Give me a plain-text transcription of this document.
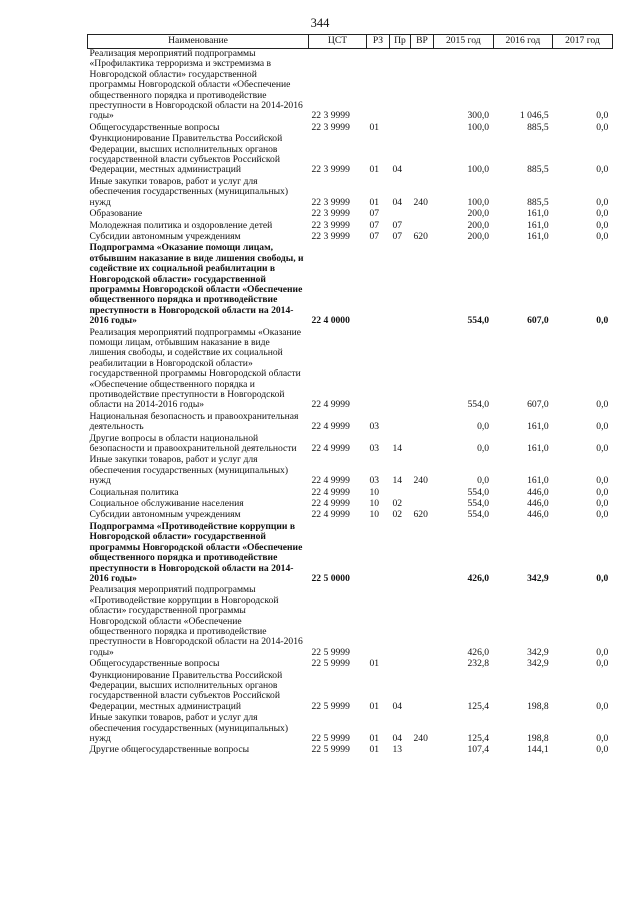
344
Наименование	ЦСТ	РЗ	Пр	ВР	2015 год	2016 год	2017 год
Реализация мероприятий подпрограммы «Профилактика терроризма и экстремизма в Новгородской области» государственной программы Новгородской области «Обеспечение общественного порядка и противодействие преступности в Новгородской области на 2014-2016 годы»	22 3 9999				300,0	1 046,5	0,0
Общегосударственные вопросы	22 3 9999	01			100,0	885,5	0,0
Функционирование Правительства Российской Федерации, высших исполнительных органов государственной власти субъектов Российской Федерации, местных администраций	22 3 9999	01	04		100,0	885,5	0,0
Иные закупки товаров, работ и услуг для обеспечения государственных (муниципальных) нужд	22 3 9999	01	04	240	100,0	885,5	0,0
Образование	22 3 9999	07			200,0	161,0	0,0
Молодежная политика и оздоровление детей	22 3 9999	07	07		200,0	161,0	0,0
Субсидии автономным учреждениям	22 3 9999	07	07	620	200,0	161,0	0,0
Подпрограмма «Оказание помощи лицам, отбывшим наказание в виде лишения свободы, и содействие их социальной реабилитации в Новгородской области» государственной программы Новгородской области «Обеспечение общественного порядка и противодействие преступности в Новгородской области на 2014-2016 годы»	22 4 0000				554,0	607,0	0,0
Реализация мероприятий подпрограммы «Оказание помощи лицам, отбывшим наказание в виде лишения свободы, и содействие их социальной реабилитации в Новгородской области» государственной программы Новгородской области «Обеспечение общественного порядка и противодействие преступности в Новгородской области на 2014-2016 годы»	22 4 9999				554,0	607,0	0,0
Национальная безопасность и правоохранительная деятельность	22 4 9999	03			0,0	161,0	0,0
Другие вопросы в области национальной безопасности и правоохранительной деятельности	22 4 9999	03	14		0,0	161,0	0,0
Иные закупки товаров, работ и услуг для обеспечения государственных (муниципальных) нужд	22 4 9999	03	14	240	0,0	161,0	0,0
Социальная политика	22 4 9999	10			554,0	446,0	0,0
Социальное обслуживание населения	22 4 9999	10	02		554,0	446,0	0,0
Субсидии автономным учреждениям	22 4 9999	10	02	620	554,0	446,0	0,0
Подпрограмма «Противодействие коррупции в Новгородской области» государственной программы Новгородской области «Обеспечение общественного порядка и противодействие преступности в Новгородской области на 2014-2016 годы»	22 5 0000				426,0	342,9	0,0
Реализация мероприятий подпрограммы «Противодействие коррупции в Новгородской области» государственной программы Новгородской области «Обеспечение общественного порядка и противодействие преступности в Новгородской области на 2014-2016 годы»	22 5 9999				426,0	342,9	0,0
Общегосударственные вопросы	22 5 9999	01			232,8	342,9	0,0
Функционирование Правительства Российской Федерации, высших исполнительных органов государственной власти субъектов Российской Федерации, местных администраций	22 5 9999	01	04		125,4	198,8	0,0
Иные закупки товаров, работ и услуг для обеспечения государственных (муниципальных) нужд	22 5 9999	01	04	240	125,4	198,8	0,0
Другие общегосударственные вопросы	22 5 9999	01	13		107,4	144,1	0,0
